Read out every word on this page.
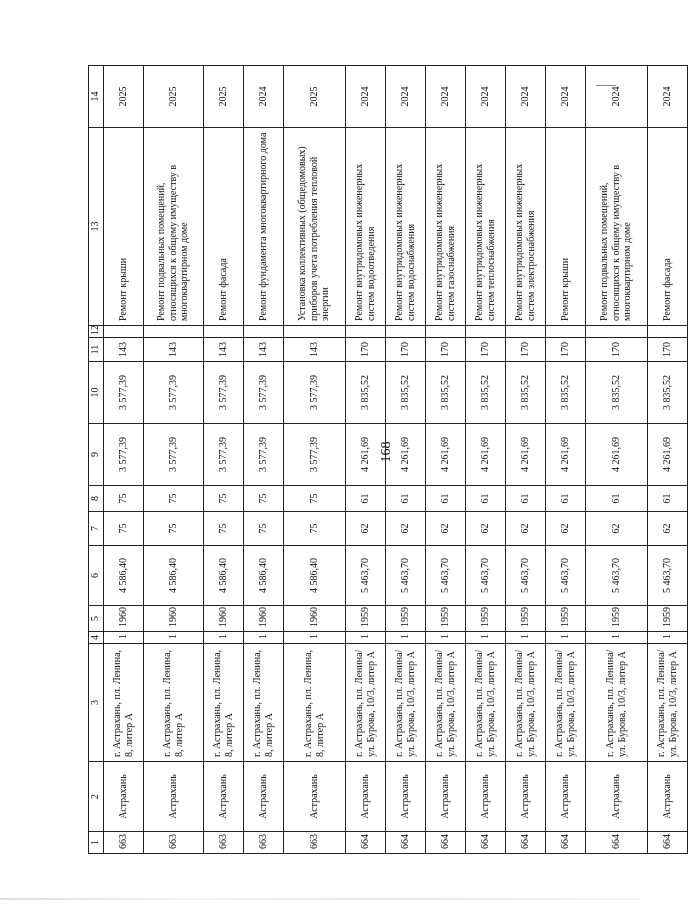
168
1	2	3	4	5	6	7	8	9	10	11	12	13	14
663	Астрахань	г. Астрахань, пл. Ленина, 8, литер А	1	1960	4 586,40	75	75	3 577,39	3 577,39	143		Ремонт крыши	2025
663	Астрахань	г. Астрахань, пл. Ленина, 8, литер А	1	1960	4 586,40	75	75	3 577,39	3 577,39	143		Ремонт подвальных помещений, относящихся к общему имуществу в многоквартирном доме	2025
663	Астрахань	г. Астрахань, пл. Ленина, 8, литер А	1	1960	4 586,40	75	75	3 577,39	3 577,39	143		Ремонт фасада	2025
663	Астрахань	г. Астрахань, пл. Ленина, 8, литер А	1	1960	4 586,40	75	75	3 577,39	3 577,39	143		Ремонт фундамента многоквартирного дома	2024
663	Астрахань	г. Астрахань, пл. Ленина, 8, литер А	1	1960	4 586,40	75	75	3 577,39	3 577,39	143		Установка коллективных (общедомовых) приборов учета потребления тепловой энергии	2025
664	Астрахань	г. Астрахань, пл. Ленина/ ул. Бурова, 10/3, литер А	1	1959	5 463,70	62	61	4 261,69	3 835,52	170		Ремонт внутридомовых инженерных систем водоотведения	2024
664	Астрахань	г. Астрахань, пл. Ленина/ ул. Бурова, 10/3, литер А	1	1959	5 463,70	62	61	4 261,69	3 835,52	170		Ремонт внутридомовых инженерных систем водоснабжения	2024
664	Астрахань	г. Астрахань, пл. Ленина/ ул. Бурова, 10/3, литер А	1	1959	5 463,70	62	61	4 261,69	3 835,52	170		Ремонт внутридомовых инженерных систем газоснабжения	2024
664	Астрахань	г. Астрахань, пл. Ленина/ ул. Бурова, 10/3, литер А	1	1959	5 463,70	62	61	4 261,69	3 835,52	170		Ремонт внутридомовых инженерных систем теплоснабжения	2024
664	Астрахань	г. Астрахань, пл. Ленина/ ул. Бурова, 10/3, литер А	1	1959	5 463,70	62	61	4 261,69	3 835,52	170		Ремонт внутридомовых инженерных систем электроснабжения	2024
664	Астрахань	г. Астрахань, пл. Ленина/ ул. Бурова, 10/3, литер А	1	1959	5 463,70	62	61	4 261,69	3 835,52	170		Ремонт крыши	2024
664	Астрахань	г. Астрахань, пл. Ленина/ ул. Бурова, 10/3, литер А	1	1959	5 463,70	62	61	4 261,69	3 835,52	170		Ремонт подвальных помещений, относящихся к общему имуществу в многоквартирном доме	2024
664	Астрахань	г. Астрахань, пл. Ленина/ ул. Бурова, 10/3, литер А	1	1959	5 463,70	62	61	4 261,69	3 835,52	170		Ремонт фасада	2024
